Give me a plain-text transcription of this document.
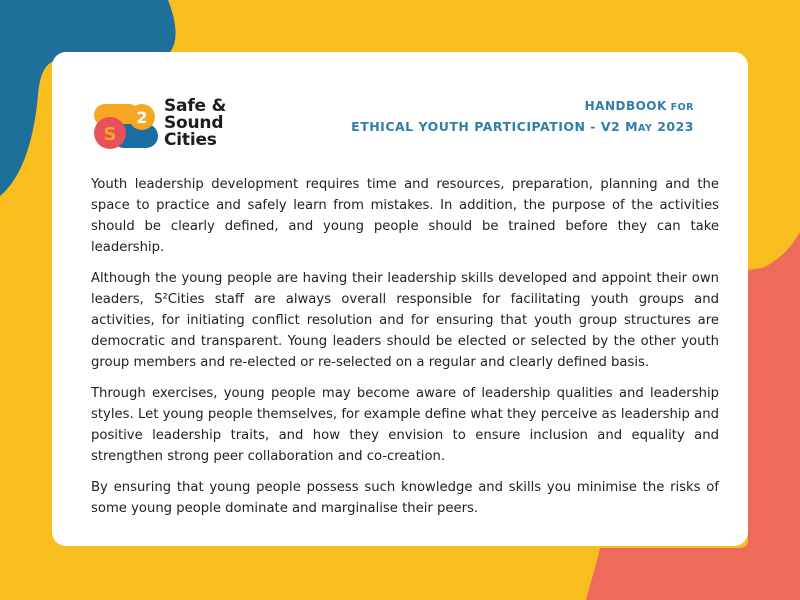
S
2
Safe &
Sound
Cities
HANDBOOK FOR
ETHICAL YOUTH PARTICIPATION - V2 MAY 2023

Youth leadership development requires time and resources, preparation, planning and the space to practice and safely learn from mistakes. In addition, the purpose of the activities should be clearly defined, and young people should be trained before they can take leadership.

Although the young people are having their leadership skills developed and appoint their own leaders, S²Cities staff are always overall responsible for facilitating youth groups and activities, for initiating conflict resolution and for ensuring that youth group structures are democratic and transparent. Young leaders should be elected or selected by the other youth group members and re-elected or re-selected on a regular and clearly defined basis.

Through exercises, young people may become aware of leadership qualities and leadership styles. Let young people themselves, for example define what they perceive as leadership and positive leadership traits, and how they envision to ensure inclusion and equality and strengthen strong peer collaboration and co-creation.

By ensuring that young people possess such knowledge and skills you minimise the risks of some young people dominate and marginalise their peers.
